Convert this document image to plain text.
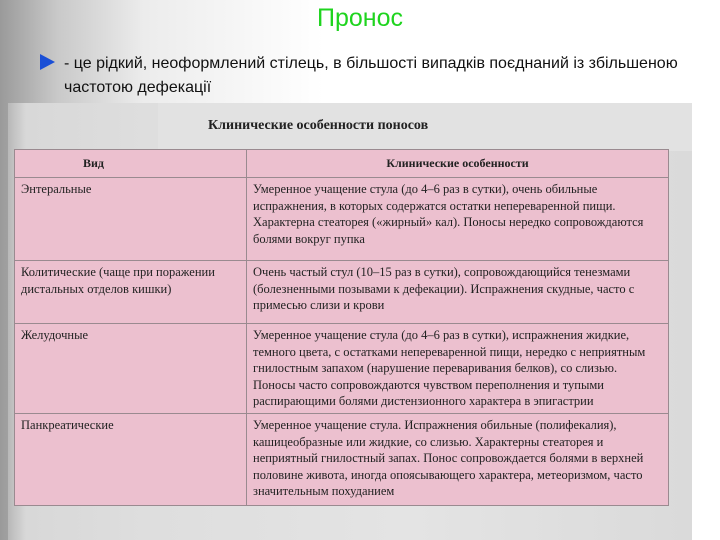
Пронос
- це рідкий, неоформлений стілець, в більшості випадків поєднаний із збільшеною частотою дефекації
Клинические особенности поносов
Вид	Клинические особенности
Энтеральные	Умеренное учащение стула (до 4–6 раз в сутки), очень обильные испражнения, в которых содержатся остатки непереваренной пищи. Характерна стеаторея («жирный» кал). Поносы нередко сопровождаются болями вокруг пупка
Колитические (чаще при поражении дистальных отделов кишки)	Очень частый стул (10–15 раз в сутки), сопровождающийся тенезмами (болезненными позывами к дефекации). Испражнения скудные, часто с примесью слизи и крови
Желудочные	Умеренное учащение стула (до 4–6 раз в сутки), испражнения жидкие, темного цвета, с остатками непереваренной пищи, нередко с неприятным гнилостным запахом (нарушение переваривания белков), со слизью. Поносы часто сопровождаются чувством переполнения и тупыми распирающими болями дистензионного характера в эпигастрии
Панкреатические	Умеренное учащение стула. Испражнения обильные (полифекалия), кашицеобразные или жидкие, со слизью. Характерны стеаторея и неприятный гнилостный запах. Понос сопровождается болями в верхней половине живота, иногда опоясывающего характера, метеоризмом, часто значительным похуданием
